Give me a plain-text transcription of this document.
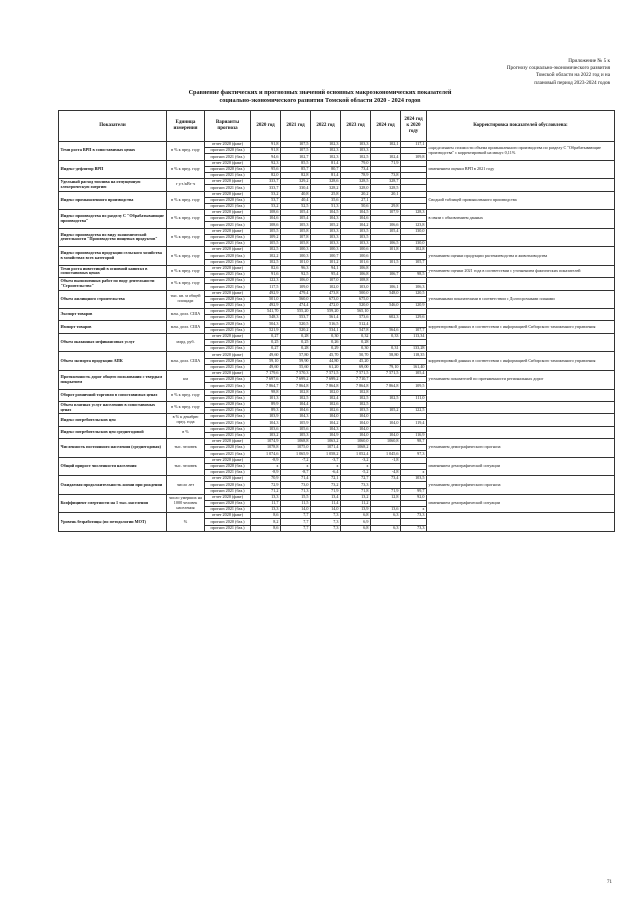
Приложение № 5 к
Прогнозу социально-экономического развития
Томской области на 2022 год и на
плановый период 2023-2024 годов
Сравнение фактических и прогнозных значений основных макроэкономических показателей
социально-экономического развития Томской области 2020 - 2024 годов
Показатели	Единица измерения	Варианты прогноза	2020 год	2021 год	2022 год	2023 год	2024 год	2024 год к 2020 году	Корректировка показателей обусловлена:
Темп роста ВРП в сопоставимых ценах	в % к пред. году	отчет 2020 (факт)	91,8	107,5	102,3	103,3	102,1	117,1	определением стоимости объема промышленного производства по разделу С "Обрабатывающие производства" с корректировкой на минус 0,11%
		прогноз 2020 (баз.)	91,8	107,5	102,3	103,3			
		прогноз 2021 (баз.)	94,6	102,7	102,3	102,5	102,4	109,8	
Индекс-дефлятор ВРП	в % к пред. году	отчет 2020 (факт)	92,3	85,5	81,4	79,0	71,9		изменением оценки ВРП в 2021 году
		прогноз 2020 (баз.)	95,6	85,7	80,7	73,4			
		прогноз 2021 (баз.)	82,0	82,8	81,4	78,9	73,8		
Удельный расход топлива на отпущенную электрическую энергию	г у.т./кВт·ч	отчет 2020 (факт)	333,7	329,2	328,6	328,5	328,7		
		прогноз 2021 (баз.)	333,7	330,4	328,2	328,0	328,5		
Индекс промышленного производства	в % к пред. году	отчет 2020 (факт)	53,2	40,8	25,8	20,2	20,1		Сводной таблицей промышленного производства
		прогноз 2020 (баз.)	53,7	40,4	35,6	27,1			
		прогноз 2021 (баз.)	53,2	52,5	51,3	50,6	29,8		
Индекс производства по разделу С "Обрабатывающие производства"	в % к пред. году	отчет 2020 (факт)	108,6	105,4	104,5	104,5	107,9	128,3	в связи с обновлением данных
		прогноз 2020 (баз.)	104,6	105,4	104,3	104,6			
		прогноз 2021 (баз.)	108,6	105,3	105,2	104,2	106,6	123,8	
Индекс производства по виду экономической деятельности "Производство пищевых продуктов"	в % к пред. году	отчет 2020 (факт)	105,5	105,8	103,3	103,5	105,4	130,0	
		прогноз 2020 (баз.)	109,2	107,8	103,3	103,5			
		прогноз 2021 (баз.)	105,5	105,8	103,3	103,3	106,5	130,0	
Индекс производства продукции сельского хозяйства в хозяйствах всех категорий	в % к пред. году	отчет 2020 (факт)	102,5	100,3	100,3	100,6	101,8	102,8	уточнением оценки продукции растениеводства и животноводства
		прогноз 2020 (баз.)	102,2	100,3	100,7	100,6			
		прогноз 2021 (баз.)	102,5	101,0	101,2	101,6	101,5	105,7	
Темп роста инвестиций в основной капитал в сопоставимых ценах	в % к пред. году	отчет 2020 (факт)	82,6	96,3	94,1	106,8			уточнением оценки 2021 года в соответствии с уточнением фактических показателей
		прогноз 2021 (баз.)	91,6	92,5	95,4	106,8	106,7	98,5	
Объем выполненных работ по виду деятельности "Строительство"	в % к пред. году	прогноз 2020 (баз.)	122,3	106,0	107,0	108,8			
		прогноз 2021 (баз.)	117,5	109,0	102,0	103,0	106,1	106,3	
Объем жилищного строительства	тыс. кв. м общей площади	отчет 2020 (факт)	492,9	479,4	473,8	500,0	548,0	120,5	уточненными показателями в соответствии с Долгосрочными планами
		прогноз 2020 (баз.)	501,0	560,0	673,0	675,0			
		прогноз 2021 (баз.)	492,9	474,4	472,0	520,0	546,0	120,9	
Экспорт товаров	млн. долл. США	прогноз 2020 (баз.)	541,70	555,20	559,20	565,10			
		прогноз 2021 (баз.)	548,3	553,7	561,4	573,6	602,3	129,6	
Импорт товаров	млн. долл. США	прогноз 2020 (баз.)	504,3	520,5	516,5	512,4			корректировкой данных в соответствии с информацией Сибирского таможенного управления
		прогноз 2021 (баз.)	521,9	520,2	534,1	547,8	564,6	107,7	
Объем оказанных нефинансовых услуг	млрд. руб.	отчет 2020 (факт)	0,27	0,28	0,30	0,32	0,33	113,34	
		прогноз 2020 (баз.)	0,25	0,25	0,26	0,28			
		прогноз 2021 (баз.)	0,27	0,28	0,29	0,30	0,31	133,28	
Объем экспорта продукции АПК	млн. долл. США	отчет 2020 (факт)	49,60	57,80	45,70	50,70	58,80	118,35	корректировкой данных в соответствии с информацией Сибирского таможенного управления
		прогноз 2020 (баз.)	59,10	59,90	44,80	45,20			
		прогноз 2021 (баз.)	49,60	55,60	61,20	69,00	79,10	161,40	
Протяженность дорог общего пользования с твердым покрытием	км	отчет 2020 (факт)	7 179,6	7 570,3	7 571,5	7 571,5	7 571,5	105,4	уточнением показателей по протяженности региональных дорог
		прогноз 2020 (баз.)	7 697,6	7 699,2	7 699,2	7 710,7			
		прогноз 2021 (баз.)	7 864,7	7 864,8	7 864,8	7 864,8	7 864,8	109,5	
Оборот розничной торговли в сопоставимых ценах	в % к пред. году	прогноз 2020 (баз.)	98,8	102,8	102,0	102,8			
		прогноз 2021 (баз.)	101,3	102,5	102,4	102,5	102,5	111,0	
Объем платных услуг населению в сопоставимых ценах	в % к пред. году	прогноз 2020 (баз.)	89,9	104,4	102,6	102,5			
		прогноз 2021 (баз.)	89,3	104,6	102,6	103,5	105,2	122,5	
Индекс потребительских цен	в % к декабрю пред. года	прогноз 2020 (баз.)	103,9	104,3	104,0	104,0			
		прогноз 2021 (баз.)	104,3	105,9	104,2	104,0	104,0	119,4	
Индекс потребительских цен среднегодовой	в %	прогноз 2020 (баз.)	103,6	105,6	104,3	104,0			
		прогноз 2021 (баз.)	103,2	105,3	104,9	104,0	104,0	116,9	
Численность постоянного населения (среднегодовая)	тыс. человек	отчет 2020 (факт)	1074,9	1068,8	1063,2	1060,0	1060,8	98,7	уточнением демографического прогноза
		прогноз 2020 (баз.)	1078,8	1075,0	1071,4	1068,2			
		прогноз 2021 (баз.)	1 074,6	1 065,9	1 058,2	1 052,4	1 045,6	97,3	
Общий прирост численности населения	тыс. человек	отчет 2020 (факт)	-8,9	-7,2	-3,7	-3,2	-1,8		изменением демографической ситуации
		прогноз 2020 (баз.)	х	х	х	х			
		прогноз 2021 (баз.)	-8,9	-8,7	-6,4	-5,2	-4,8	х	
Ожидаемая продолжительность жизни при рождении	число лет	отчет 2020 (факт)	70,9	71,4	72,1	72,7	73,4	103,5	уточнением демографического прогноза
		прогноз 2020 (баз.)	72,9	73,0	73,2	73,3			
		прогноз 2021 (баз.)	71,2	71,3	71,9	71,8	71,9	99,7	
Коэффициент смертности на 1 тыс. населения	число умерших на 1000 человек населения	отчет 2020 (факт)	13,3	15,5	13,4	13,2	12,8	92,0	изменением демографической ситуации
		прогноз 2020 (баз.)	11,7	11,5	11,4	11,2			
		прогноз 2021 (баз.)	13,3	14,0	14,0	13,9	13,6	х	
Уровень безработицы (по методологии МОТ)	%	отчет 2020 (факт)	8,6	7,7	7,3	6,8	6,3	73,3	
		прогноз 2020 (баз.)	8,2	7,7	7,3	6,9			
		прогноз 2021 (баз.)	8,6	7,7	7,3	6,8	6,3	73,3	
71
